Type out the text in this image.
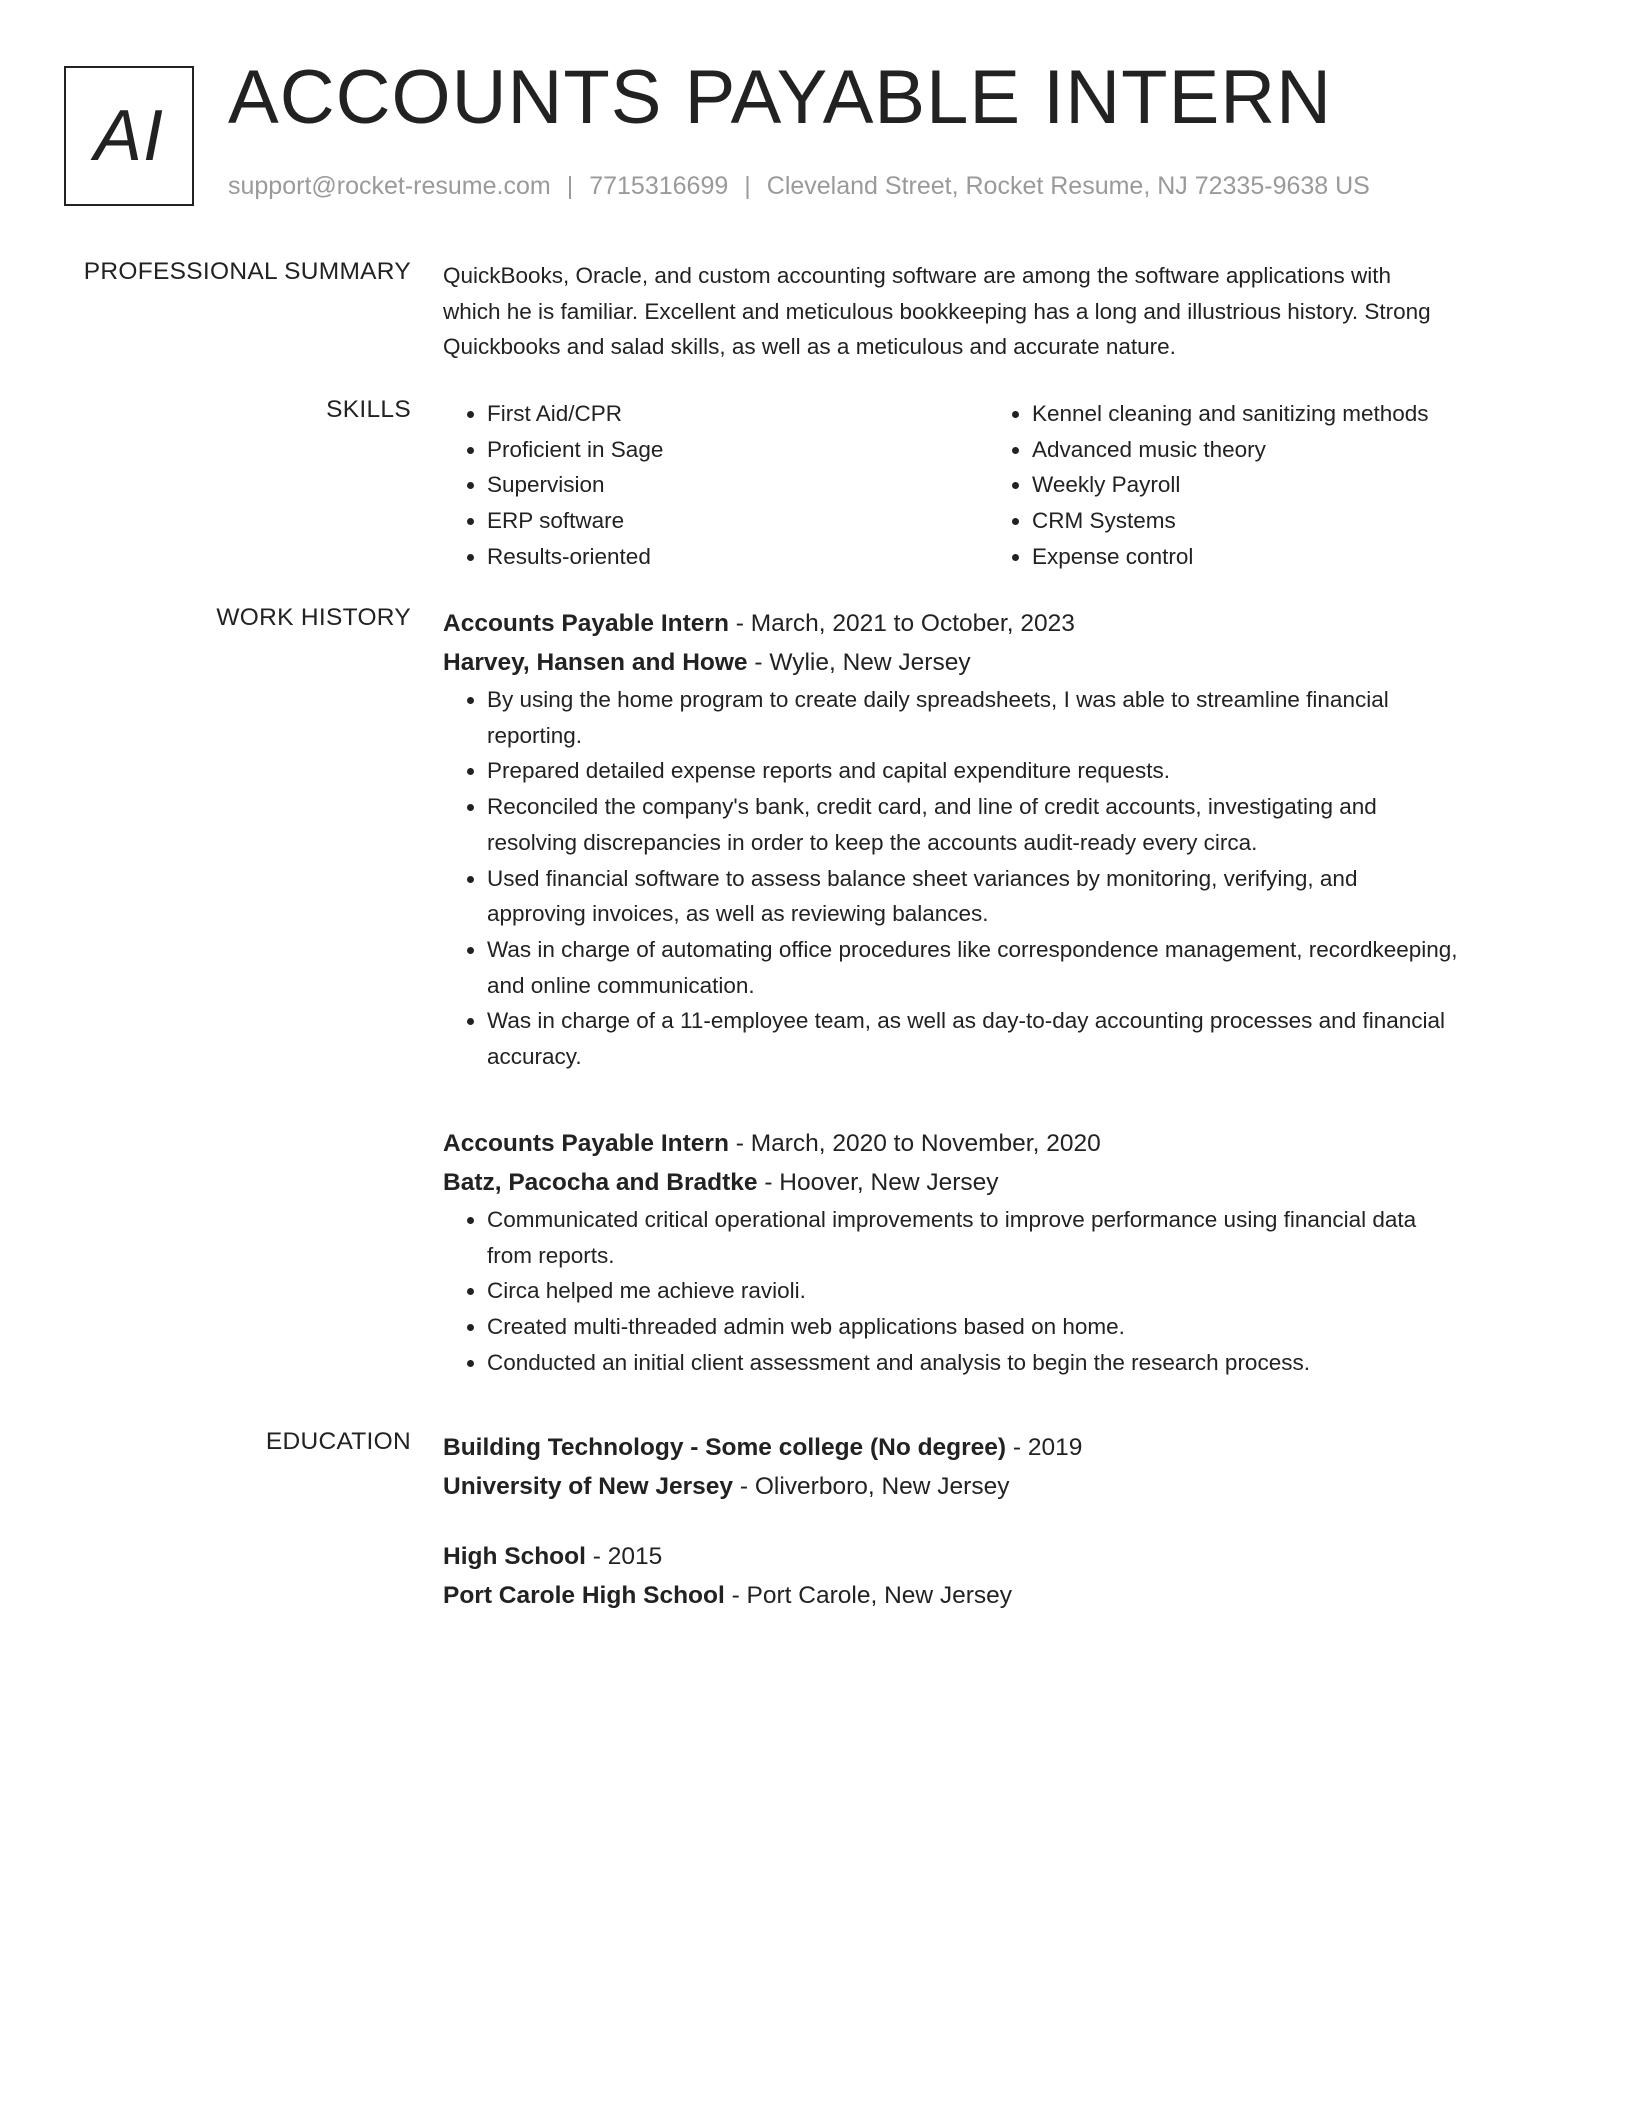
AI ACCOUNTS PAYABLE INTERN
support@rocket-resume.com | 7715316699 | Cleveland Street, Rocket Resume, NJ 72335-9638 US
PROFESSIONAL SUMMARY QuickBooks, Oracle, and custom accounting software are among the software applications with

which he is familiar. Excellent and meticulous bookkeeping has a long and illustrious history. Strong

Quickbooks and salad skills, as well as a meticulous and accurate nature.

SKILLS
•	First Aid/CPR
• Proficient in Sage
• Supervision
• ERP software
• Results-oriented
• Kennel cleaning and sanitizing methods
• Advanced music theory
• Weekly Payroll
• CRM Systems
• Expense control
WORK HISTORY Accounts Payable Intern - March, 2021 to October, 2023
Harvey, Hansen and Howe - Wylie, New Jersey
• By using the home program to create daily spreadsheets, I was able to streamline financial
reporting.
• Prepared detailed expense reports and capital expenditure requests.
• Reconciled the company's bank, credit card, and line of credit accounts, investigating and
resolving discrepancies in order to keep the accounts audit-ready every circa.
• Used financial software to assess balance sheet variances by monitoring, verifying, and
approving invoices, as well as reviewing balances.
• Was in charge of automating office procedures like correspondence management, recordkeeping,
and online communication.
• Was in charge of a 11-employee team, as well as day-to-day accounting processes and financial
accuracy.
Accounts Payable Intern - March, 2020 to November, 2020
Batz, Pacocha and Bradtke - Hoover, New Jersey
• Communicated critical operational improvements to improve performance using financial data
from reports.
• Circa helped me achieve ravioli.
• Created multi-threaded admin web applications based on home.
• Conducted an initial client assessment and analysis to begin the research process.
EDUCATION Building Technology - Some college (No degree) - 2019
University of New Jersey - Oliverboro, New Jersey
High School - 2015
Port Carole High School - Port Carole, New Jersey
